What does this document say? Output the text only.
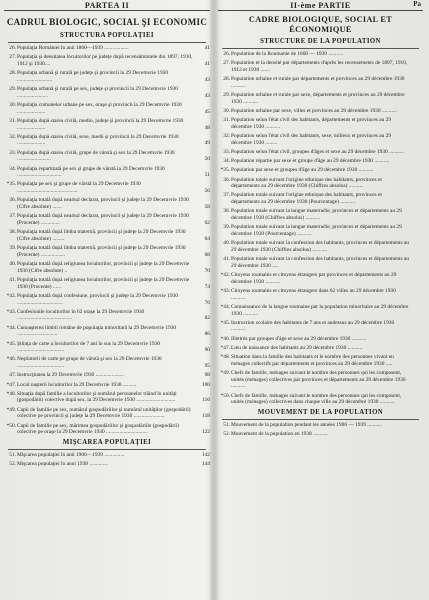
PARTEA II
CADRUL BIOLOGIC, SOCIAL ŞI ECONOMIC
STRUCTURA POPULAŢIEI
26. Populaţia României în anii 1860—1939 ..................	41
27. Populaţia şi densitatea locuitorilor pe judeţe după recensămintele din 1897, 1910, 1912 şi 1930....	41
28. Populaţia urbană şi rurală pe judeţe şi provincii la 29 Decemvrie 1930 ..........................	43
29. Populaţia urbană şi rurală pe sex, judeţe şi provincii la 29 Decemvrie 1930 .......................	43
30. Populaţia comunelor urbane pe sex, oraşe şi provincii la 29 Decemvrie 1930 .....................	45
31. Populaţia după starea civilă, medio, judeţe şi provincii la 29 Decemvrie 1930 .....................	48
32. Populaţia după starea civilă, sexe, medii şi provincii la 29 Decemvrie 1930 .....................	49
33. Populaţia după starea civilă, grupe de vârstă şi sex la 29 Decemvrie 1930 .........................	50
34. Populaţia repartizată pe sex şi grupe de vârstă la 29 Decemvrie 1930 .................................	51
*35. Populaţia pe sex şi grupe de vârstă la 29 Decemvrie 1930 .............................................	56
36. Populaţia totală după neamul declarat, provincii şi judeţe la 29 Decemvrie 1930 (Cifre absolute) .......	58
37. Populaţia totală după neamul declarat, provincii şi judeţe la 29 Decemvrie 1930 (Procente) ..............	62
38. Populaţia totală după limba maternă, provincii şi judeţe la 29 Decemvrie 1930 (Cifre absolute) .........	64
39. Populaţia totală după limba maternă, provincii şi judeţe la 29 Decemvrie 1930 (Procente) ..................	68
40. Populaţia totală după religiunea locuitorilor, provincii şi judeţe la 29 Decemvrie 1930 (Cifre absolute) ..	70
41. Populaţia totală după religiunea locuitorilor, provincii şi judeţe la 29 Decemvrie 1930 (Procente) ......	74
*42. Populaţia totală după confesiune, provincii şi judeţe la 29 Decemvrie 1930 ..................................	76
*43. Confesiunile locuitorilor în 62 oraşe la 29 Decemvrie 1930 .........................................	82
*44. Cunoaşterea limbii române de populaţia minoritară la 29 Decemvrie 1930 ..............................	86
*45. Ştiinţa de carte a locuitorilor de 7 ani în sus la 29 Decemvrie 1930 ...................................	90
*46. Neştiutorii de carte pe grupe de vârstă şi sex la 29 Decemvrie 1930 ...................................	95
47. Instrucţiunea la 29 Decemvrie 1930 .....................	98
*47. Locul naşterii locuitorilor la 29 Decemvrie 1930 ..........	100
*48. Situaţia după familie a locuitorilor şi numărul persoanelor trăind în unităţi (gospodării) colective după sex, la 29 Decemvrie 1930 .............................	116
*49. Capii de familie pe sex, numărul gospodăriilor şi numărul unităţilor (gospodării) colective pe provincii şi judeţe la 29 Decemvrie 1930 .......................	118
*50. Capii de familie pe sex, mărimea gospodăriilor şi gospodăriile (gospodării) colective pe oraşe la 29 Decemvrie 1930 ...............................	122
MIŞCAREA POPULAŢIEI
51. Mişcarea populaţiei în anii 1906—1939 ...............	142
52. Mişcarea populaţiei în anul 1938 ..............	144
II-ème PARTIE	Pa
CADRE BIOLOGIQUE, SOCIAL ET ÉCONOMIQUE
STRUCTURE DE LA POPULATION
26. Population de la Roumanie de 1860 — 1939 ...........
27. Population et la densité par départements d'après les recensements de 1897, 1910, 1912 et 1930 .......
28. Population urbaine et rurale par départements et provinces au 29 décembre 1930 ...........
29. Population urbaine et rurale par sexe, départements et provinces au 29 décembre 1930 ...........
30. Population urbaine par sexe, villes et provinces au 29 décembre 1930 ...........
31. Population selon l'état civil des habitants, départements et provinces au 29 décembre 1930 ...........
32. Population selon l'état civil des habitants, sexe, milieux et provinces au 29 décembre 1930 .........
33. Population selon l'état civil, groupes d'âges et sexe au 29 décembre 1930 ...........
34. Population répartie par sexe et groupe d'âge au 29 décembre 1930 ...........
*35. Population par sexe et groupes d'âge au 29 décembre 1930 ...........
36. Population totale suivant l'origine ethnique des habitants, provinces et départements au 29 décembre 1930 (Chiffres absolus) ...........
37. Population totale suivant l'origine ethnique des habitants, provinces et départements au 29 décembre 1930 (Pourcentage) ...........
38. Population totale suivant la langue maternelle, provinces et départements au 29 décembre 1930 (Chiffres absolus) ...........
39. Population totale suivant la langue maternelle, provinces et départements au 29 décembre 1930 (Pourcentage) ...........
40. Population totale suivant la confession des habitants, provinces et départements au 29 décembre 1930 (Chiffres absolus) ...........
41. Population totale suivant la confession des habitants, provinces et départements au 29 décembre 1930 .....
*42. Citoyens roumains et citoyens étrangers par provinces et départements au 29 décembre 1930 ...........
*43. Citoyens roumains et citoyens étrangers dans 62 villes au 29 décembre 1930 ...........
*44. Connaissance de la langue roumaine par la population minoritaire au 29 décembre 1930 ...........
*45. Instruction scolaire des habitants de 7 ans et audessus au 29 décembre 1930 ...........
*46. Illettrés par groupes d'âge et sexe au 29 décembre 1930 ...........
*47. Lieu de naissance des habitants au 29 décembre 1930 ...........
*48. Situation dans la famille des habitants et le nombre des personnes vivant en ménages collectifs par départements et provinces au 29 décembre 1930 .....
*49. Chefs de famille, ménages suivant le nombre des personnes qui les composent, unités (ménages) collectives par provinces et départements au 29 décembre 1930 ...........
*50. Chefs de famille, ménages suivant le nombre des personnes qui les composent, unités (ménages) collectives dans chaque ville au 29 décembre 1930 ...........
MOUVEMENT DE LA POPULATION
51. Mouvement de la population pendant les années 1906 — 1939 ...........
52. Mouvement de la population en 1938 ...........
